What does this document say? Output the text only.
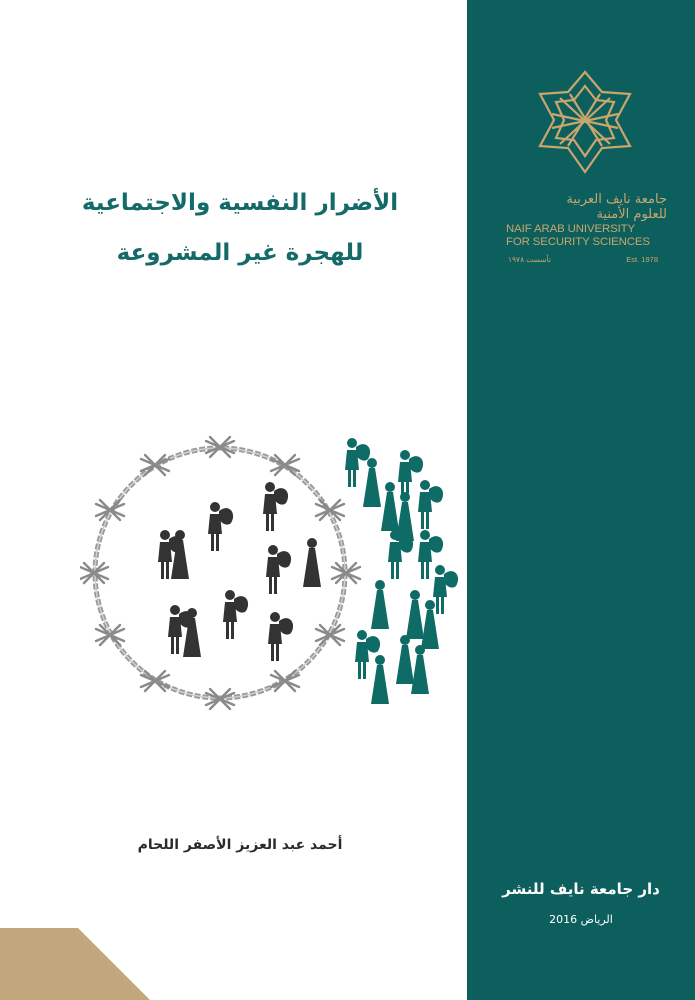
جامعة نايف العربية
للعلوم الأمنية
NAIF ARAB UNIVERSITY
FOR SECURITY SCIENCES
تأسست ١٩٧٨	Est. 1978
دار جامعة نايف للنشر
الرياض 2016
الأضرار النفسية والاجتماعية
للهجرة غير المشروعة
أحمد عبد العزيز الأصفر اللحام
